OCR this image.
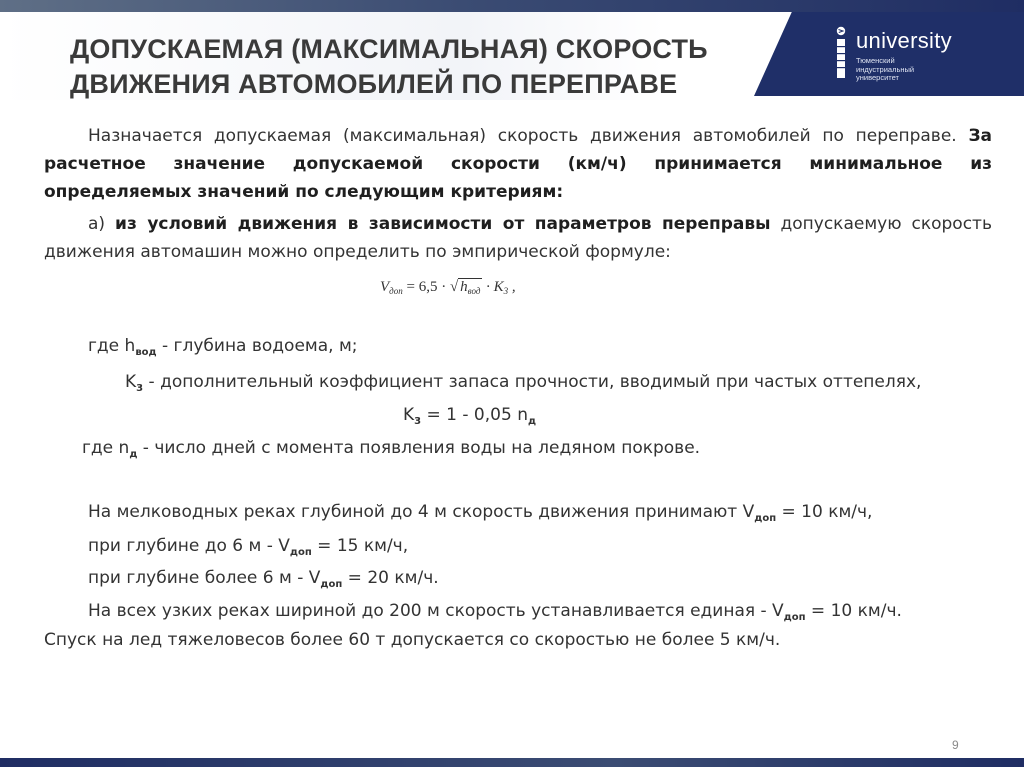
ДОПУСКАЕМАЯ (МАКСИМАЛЬНАЯ) СКОРОСТЬ ДВИЖЕНИЯ АВТОМОБИЛЕЙ ПО ПЕРЕПРАВЕ
university
Тюменский
индустриальный
университет

Назначается допускаемая (максимальная) скорость движения автомобилей по переправе. За расчетное значение допускаемой скорости (км/ч) принимается минимальное из определяемых значений по следующим критериям:

а) из условий движения в зависимости от параметров переправы допускаемую скорость движения автомашин можно определить по эмпирической формуле:

$V_{доп} = 6,5$ · √ $h_{вод} \cdot K_3$ ,
где $h_{вод}$ - глубина водоема, м;
$K_3$ - дополнительный коэффициент запаса прочности, вводимый при частых оттепелях,
$K_3 = 1 - 0,05$ $n_д$
где $n_д$ - число дней с момента появления воды на ледяном покрове.
На мелководных реках глубиной до 4 м скорость движения принимают $V_{доп} = 10$ км/ч,
при глубине до 6 $м - V_{доп} = 15$ км/ч,
при глубине более 6 $м - V_{доп} = 20$ км/ч.
На всех узких реках шириной до 200 м скорость устанавливается единая - $V_{доп} = 10$ км/ч.
Спуск на лед тяжеловесов более 60 т допускается со скоростью не более 5 км/ч.
9
